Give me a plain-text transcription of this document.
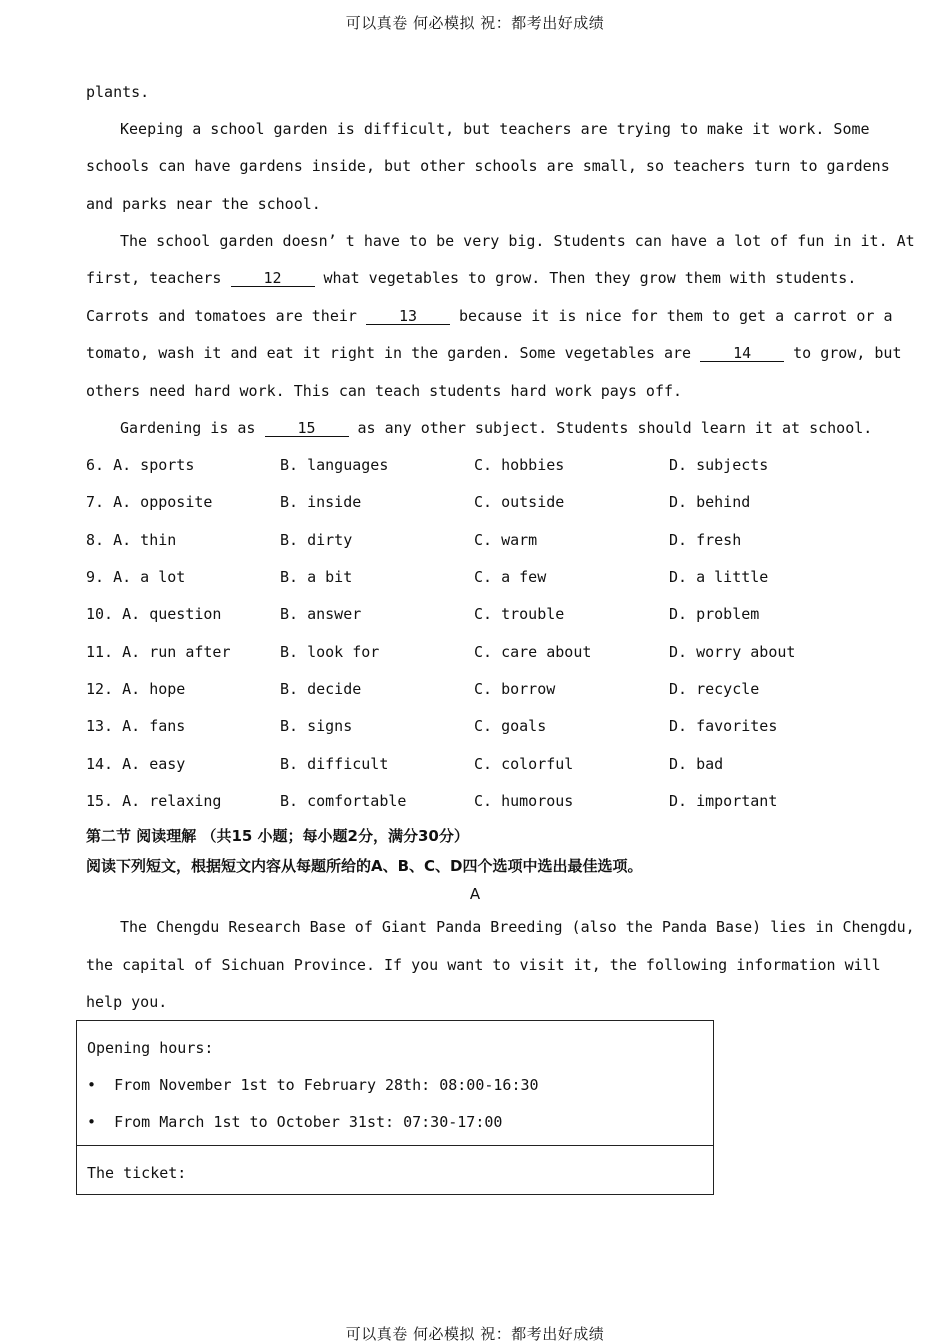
可以真卷 何必模拟 祝：都考出好成绩
plants.
Keeping a school garden is difficult, but teachers are trying to make it work. Some
schools can have gardens inside, but other schools are small, so teachers turn to gardens
and parks near the school.
The school garden doesn’ t have to be very big. Students can have a lot of fun in it. At
first, teachers 12 what vegetables to grow. Then they grow them with students.
Carrots and tomatoes are their 13 because it is nice for them to get a carrot or a
tomato, wash it and eat it right in the garden. Some vegetables are 14 to grow, but
others need hard work. This can teach students hard work pays off.
Gardening is as 15 as any other subject. Students should learn it at school.
6. A. sports	B. languages	C. hobbies	D. subjects
7. A. opposite	B. inside	C. outside	D. behind
8. A. thin	B. dirty	C. warm	D. fresh
9. A. a lot	B. a bit	C. a few	D. a little
10. A. question	B. answer	C. trouble	D. problem
11. A. run after	B. look for	C. care about	D. worry about
12. A. hope	B. decide	C. borrow	D. recycle
13. A. fans	B. signs	C. goals	D. favorites
14. A. easy	B. difficult	C. colorful	D. bad
15. A. relaxing	B. comfortable	C. humorous	D. important
第二节 阅读理解 （共15 小题；每小题2分，满分30分）
阅读下列短文，根据短文内容从每题所给的A、B、C、D四个选项中选出最佳选项。
A
The Chengdu Research Base of Giant Panda Breeding (also the Panda Base) lies in Chengdu,
the capital of Sichuan Province. If you want to visit it, the following information will
help you.
Opening hours:
•  From November 1st to February 28th: 08:00-16:30
•  From March 1st to October 31st: 07:30-17:00
The ticket:
可以真卷 何必模拟 祝：都考出好成绩
